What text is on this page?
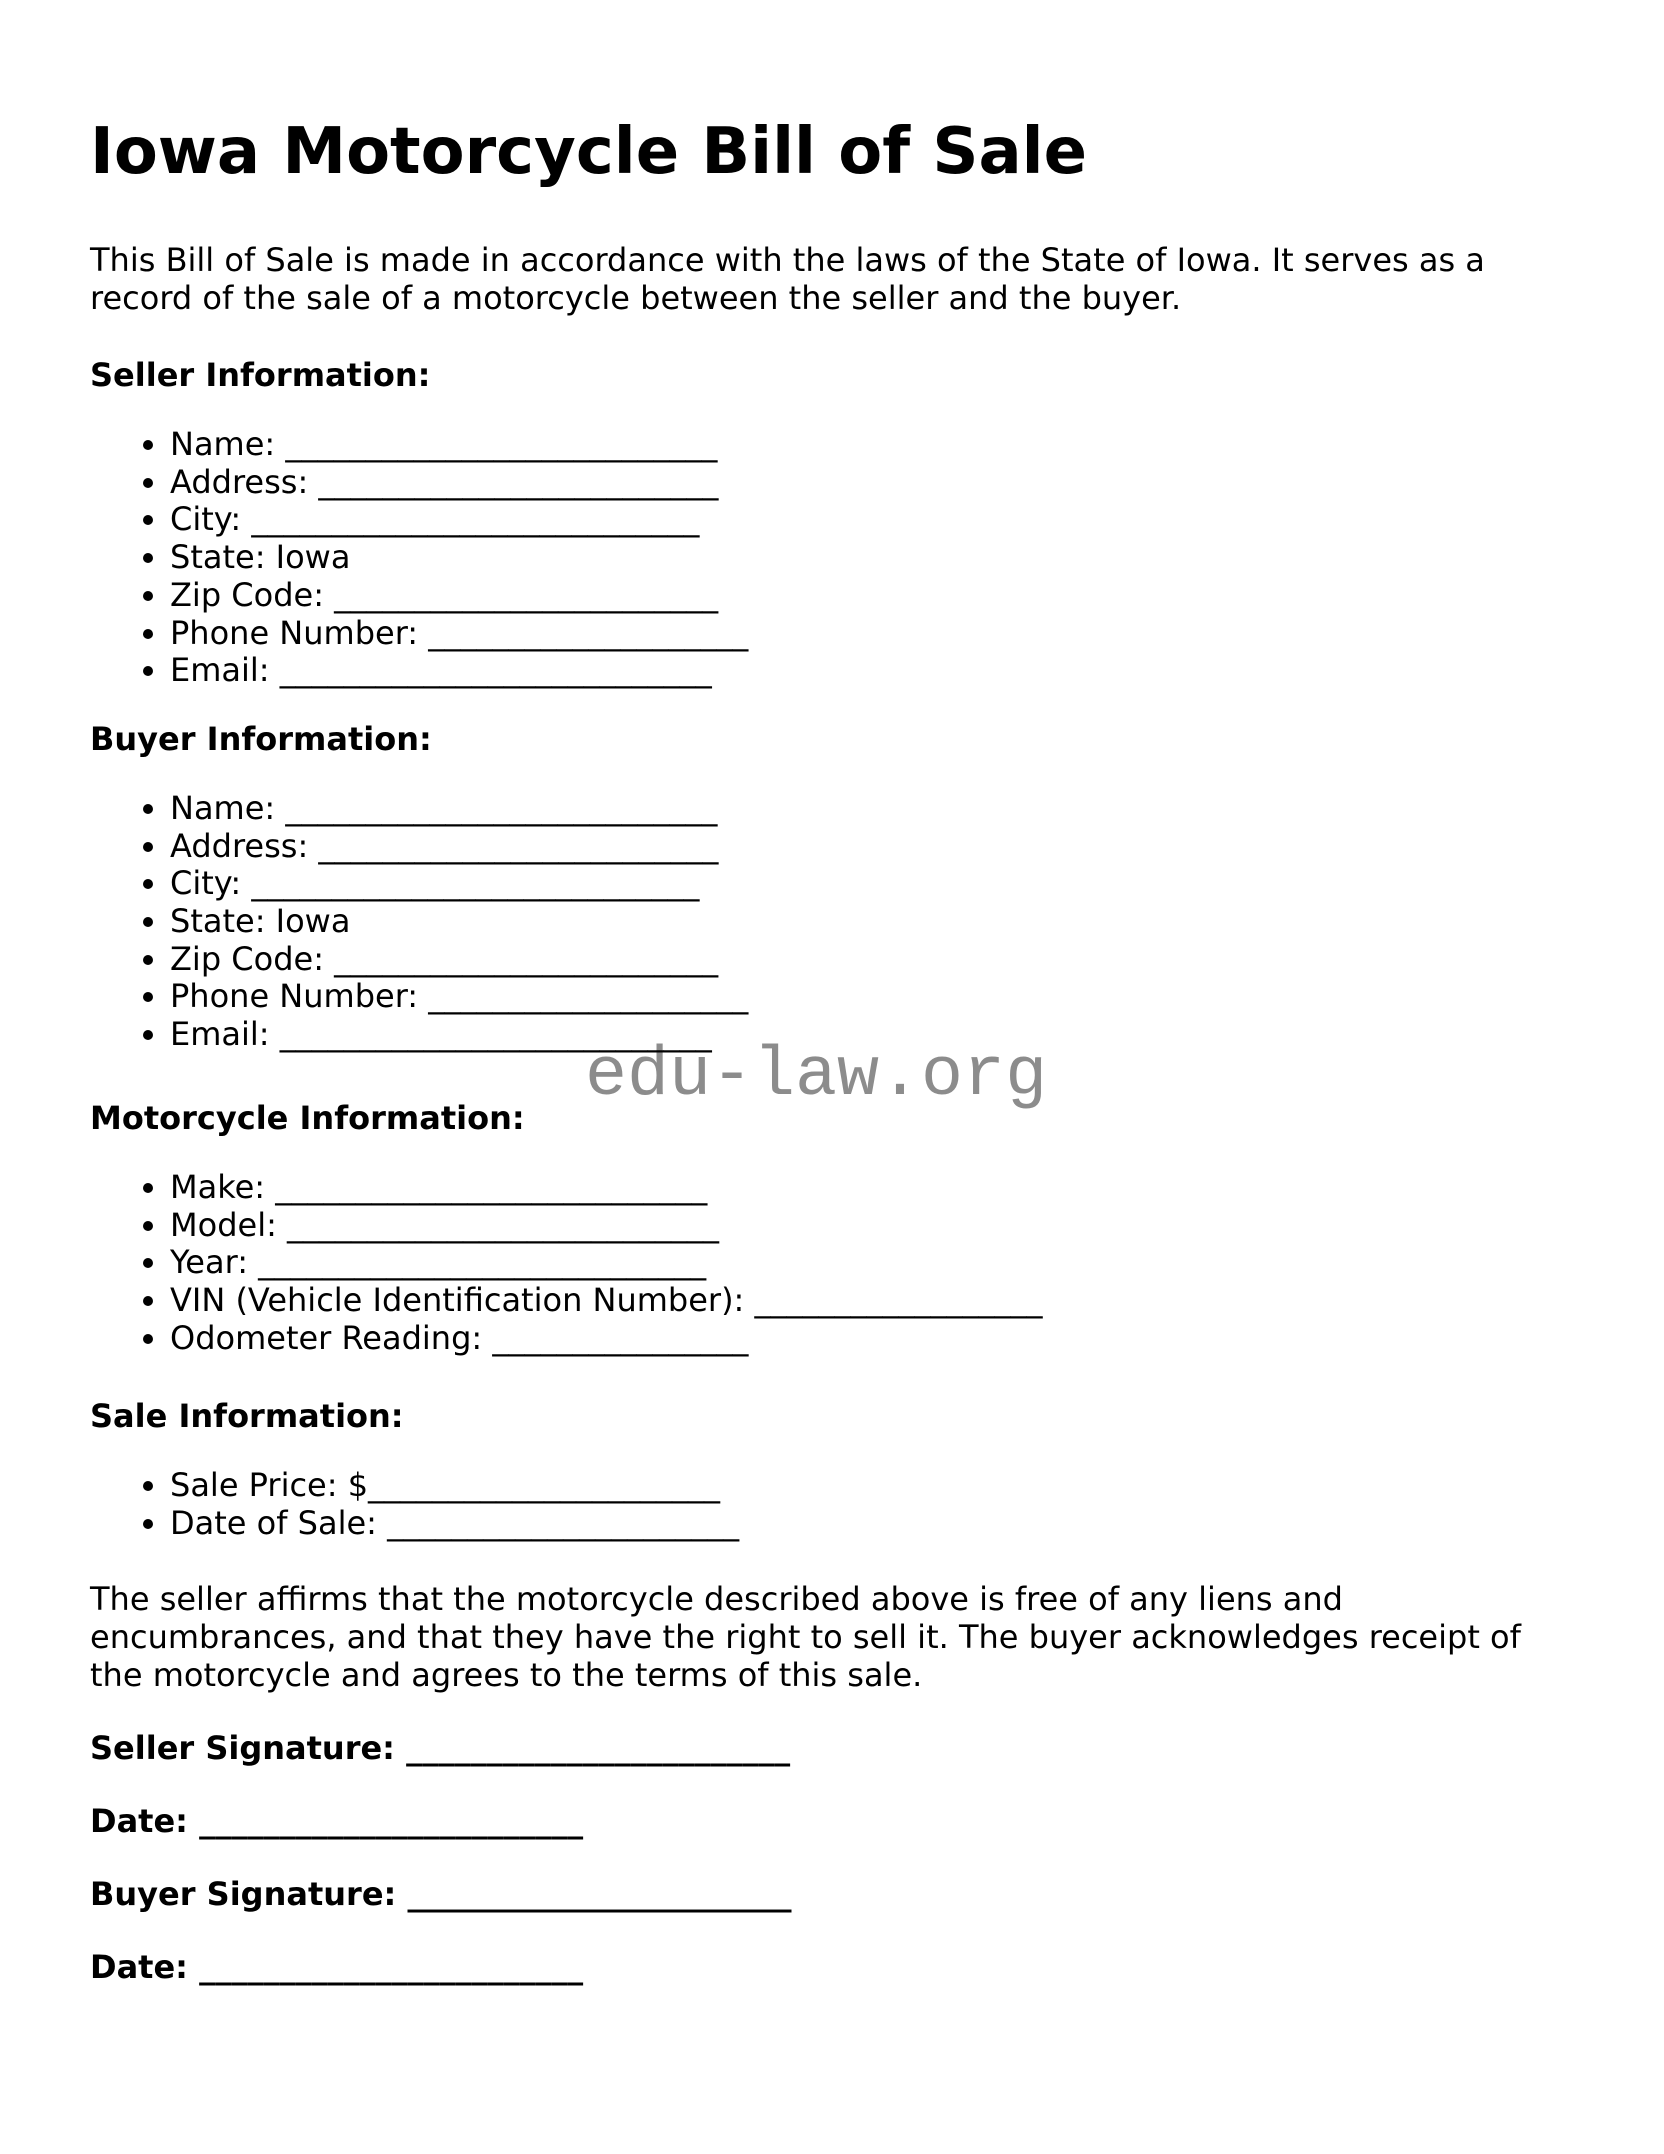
edu-law.org
Iowa Motorcycle Bill of Sale

This Bill of Sale is made in accordance with the laws of the State of Iowa. It serves as a
record of the sale of a motorcycle between the seller and the buyer.

Seller Information:
• Name: ___________________________
• Address: _________________________
• City: ____________________________
• State: Iowa
• Zip Code: ________________________
• Phone Number: ____________________
• Email: ___________________________
Buyer Information:
• Name: ___________________________
• Address: _________________________
• City: ____________________________
• State: Iowa
• Zip Code: ________________________
• Phone Number: ____________________
• Email: ___________________________
Motorcycle Information:
• Make: ___________________________
• Model: ___________________________
• Year: ____________________________
• VIN (Vehicle Identification Number): __________________
• Odometer Reading: ________________
Sale Information:
• Sale Price: $______________________
• Date of Sale: ______________________

The seller affirms that the motorcycle described above is free of any liens and
encumbrances, and that they have the right to sell it. The buyer acknowledges receipt of
the motorcycle and agrees to the terms of this sale.

Seller Signature: ________________________

Date: ________________________

Buyer Signature: ________________________

Date: ________________________
